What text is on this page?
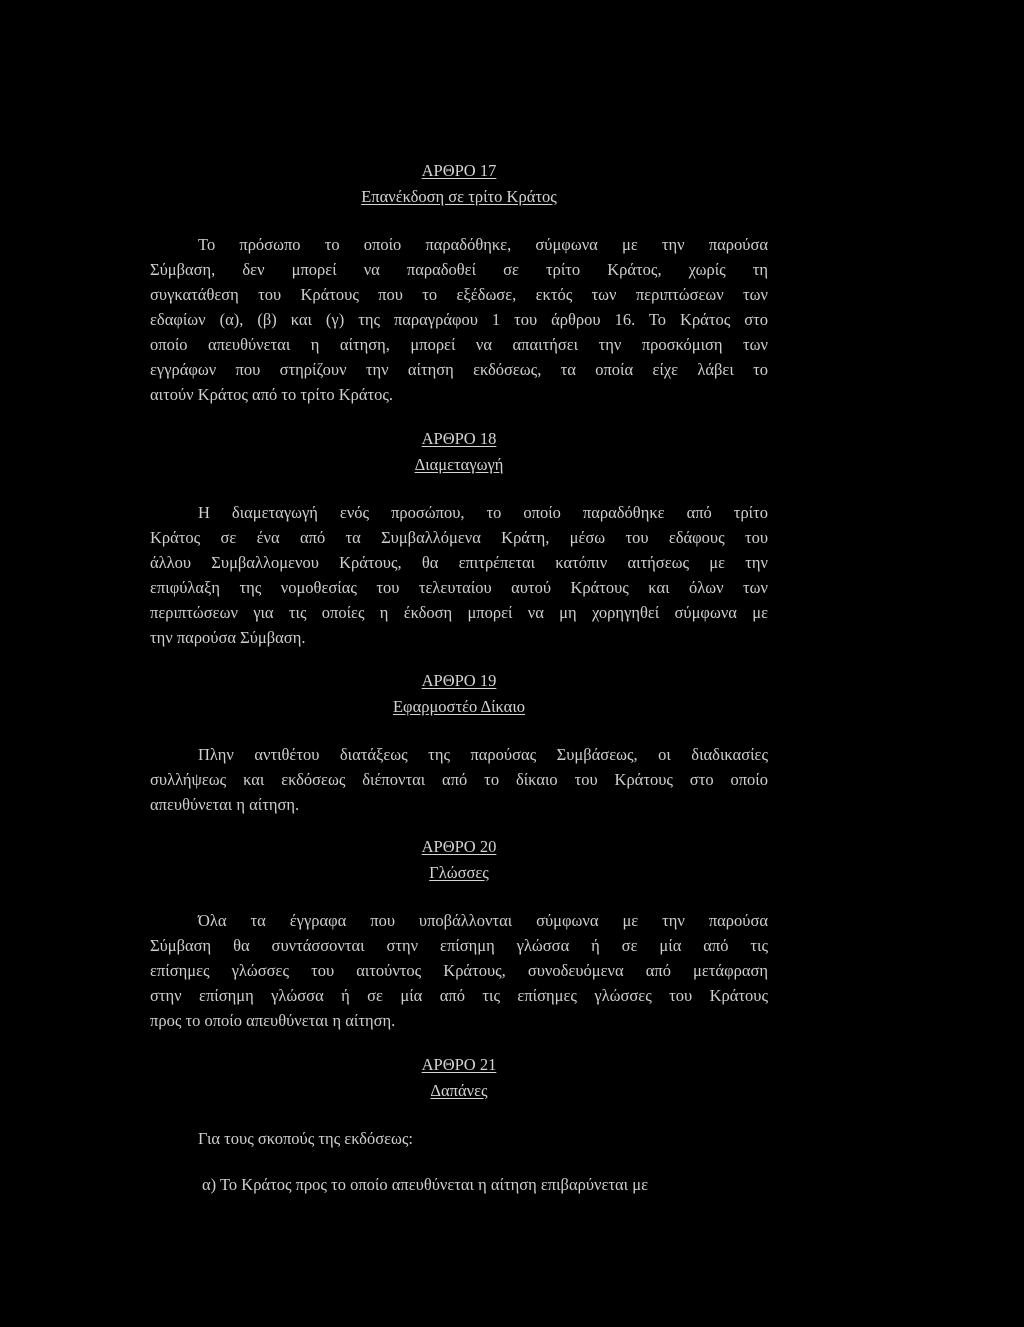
ΑΡΘΡΟ 17
Επανέκδοση σε τρίτο Κράτος
Το πρόσωπο το οποίο παραδόθηκε, σύμφωνα με την παρούσα
Σύμβαση, δεν μπορεί να παραδοθεί σε τρίτο Κράτος, χωρίς τη
συγκατάθεση του Κράτους που το εξέδωσε, εκτός των περιπτώσεων των
εδαφίων (α), (β) και (γ) της παραγράφου 1 του άρθρου 16. Το Κράτος στο
οποίο απευθύνεται η αίτηση, μπορεί να απαιτήσει την προσκόμιση των
εγγράφων που στηρίζουν την αίτηση εκδόσεως, τα οποία είχε λάβει το
αιτούν Κράτος από το τρίτο Κράτος.
ΑΡΘΡΟ 18
Διαμεταγωγή
Η διαμεταγωγή ενός προσώπου, το οποίο παραδόθηκε από τρίτο
Κράτος σε ένα από τα Συμβαλλόμενα Κράτη, μέσω του εδάφους του
άλλου Συμβαλλομενου Κράτους, θα επιτρέπεται κατόπιν αιτήσεως με την
επιφύλαξη της νομοθεσίας του τελευταίου αυτού Κράτους και όλων των
περιπτώσεων για τις οποίες η έκδοση μπορεί να μη χορηγηθεί σύμφωνα με
την παρούσα Σύμβαση.
ΑΡΘΡΟ 19
Εφαρμοστέο Δίκαιο
Πλην αντιθέτου διατάξεως της παρούσας Συμβάσεως, οι διαδικασίες
συλλήψεως και εκδόσεως διέπονται από το δίκαιο του Κράτους στο οποίο
απευθύνεται η αίτηση.
ΑΡΘΡΟ 20
Γλώσσες
Όλα τα έγγραφα που υποβάλλονται σύμφωνα με την παρούσα
Σύμβαση θα συντάσσονται στην επίσημη γλώσσα ή σε μία από τις
επίσημες γλώσσες του αιτούντος Κράτους, συνοδευόμενα από μετάφραση
στην επίσημη γλώσσα ή σε μία από τις επίσημες γλώσσες του Κράτους
προς το οποίο απευθύνεται η αίτηση.
ΑΡΘΡΟ 21
Δαπάνες

Για τους σκοπούς της εκδόσεως:

α) Το Κράτος προς το οποίο απευθύνεται η αίτηση επιβαρύνεται με
